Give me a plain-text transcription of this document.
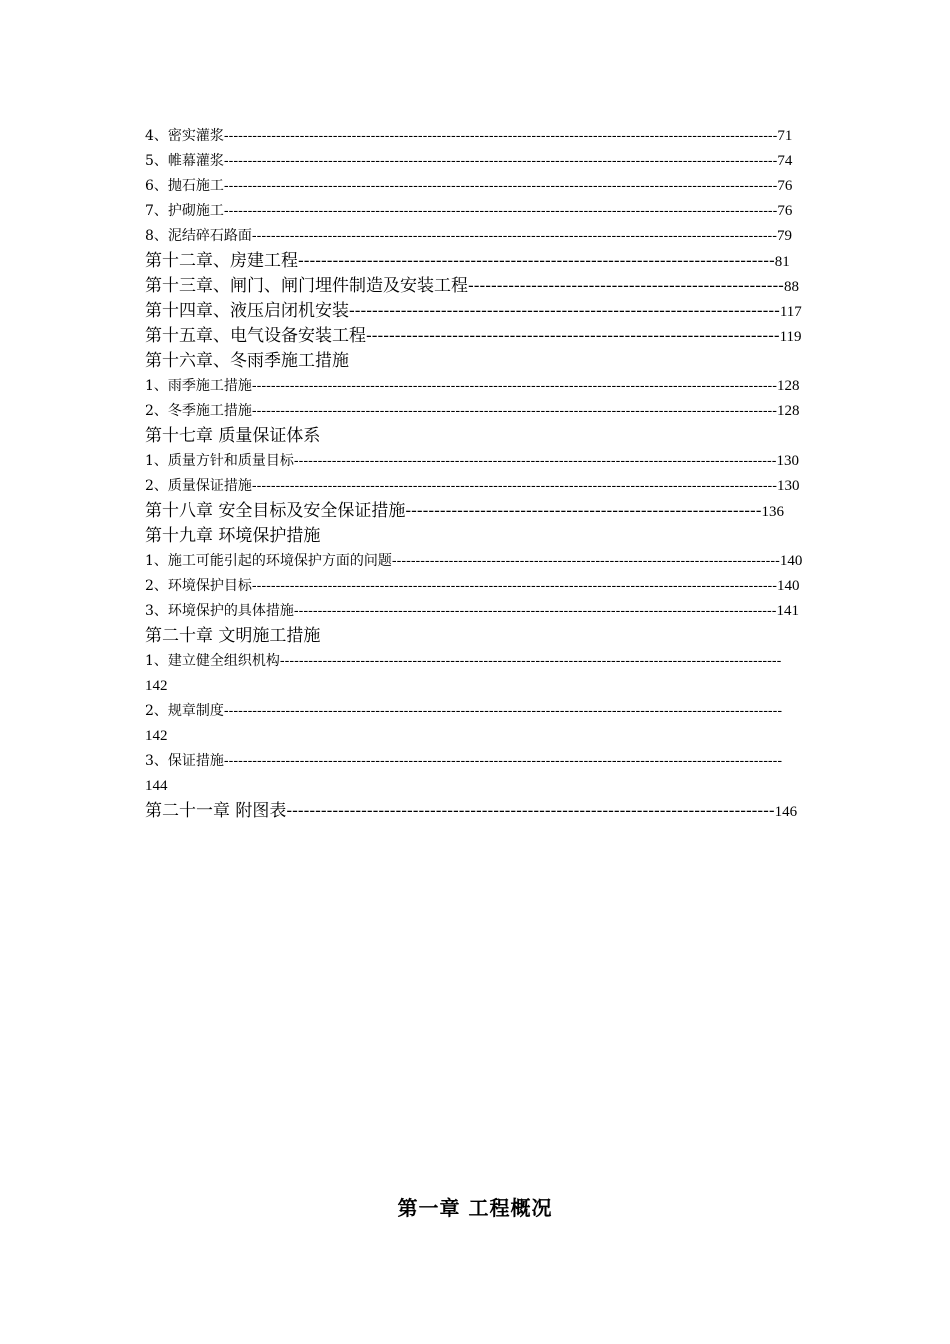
4、密实灌浆---------------------------------------------------------------------------------------------------------------------71
5、帷幕灌浆---------------------------------------------------------------------------------------------------------------------74
6、抛石施工---------------------------------------------------------------------------------------------------------------------76
7、护砌施工---------------------------------------------------------------------------------------------------------------------76
8、泥结碎石路面---------------------------------------------------------------------------------------------------------------79
第十二章、房建工程-----------------------------------------------------------------------------------81
第十三章、闸门、闸门埋件制造及安装工程-------------------------------------------------------88
第十四章、液压启闭机安装---------------------------------------------------------------------------117
第十五章、电气设备安装工程------------------------------------------------------------------------119
第十六章、冬雨季施工措施
1、雨季施工措施---------------------------------------------------------------------------------------------------------------128
2、冬季施工措施---------------------------------------------------------------------------------------------------------------128
第十七章 质量保证体系
1、质量方针和质量目标------------------------------------------------------------------------------------------------------130
2、质量保证措施---------------------------------------------------------------------------------------------------------------130
第十八章 安全目标及安全保证措施--------------------------------------------------------------136
第十九章 环境保护措施
1、施工可能引起的环境保护方面的问题----------------------------------------------------------------------------------140
2、环境保护目标---------------------------------------------------------------------------------------------------------------140
3、环境保护的具体措施------------------------------------------------------------------------------------------------------141
第二十章 文明施工措施
1、建立健全组织机构----------------------------------------------------------------------------------------------------------
142
2、规章制度----------------------------------------------------------------------------------------------------------------------
142
3、保证措施----------------------------------------------------------------------------------------------------------------------
144
第二十一章 附图表-------------------------------------------------------------------------------------146
第一章 工程概况
